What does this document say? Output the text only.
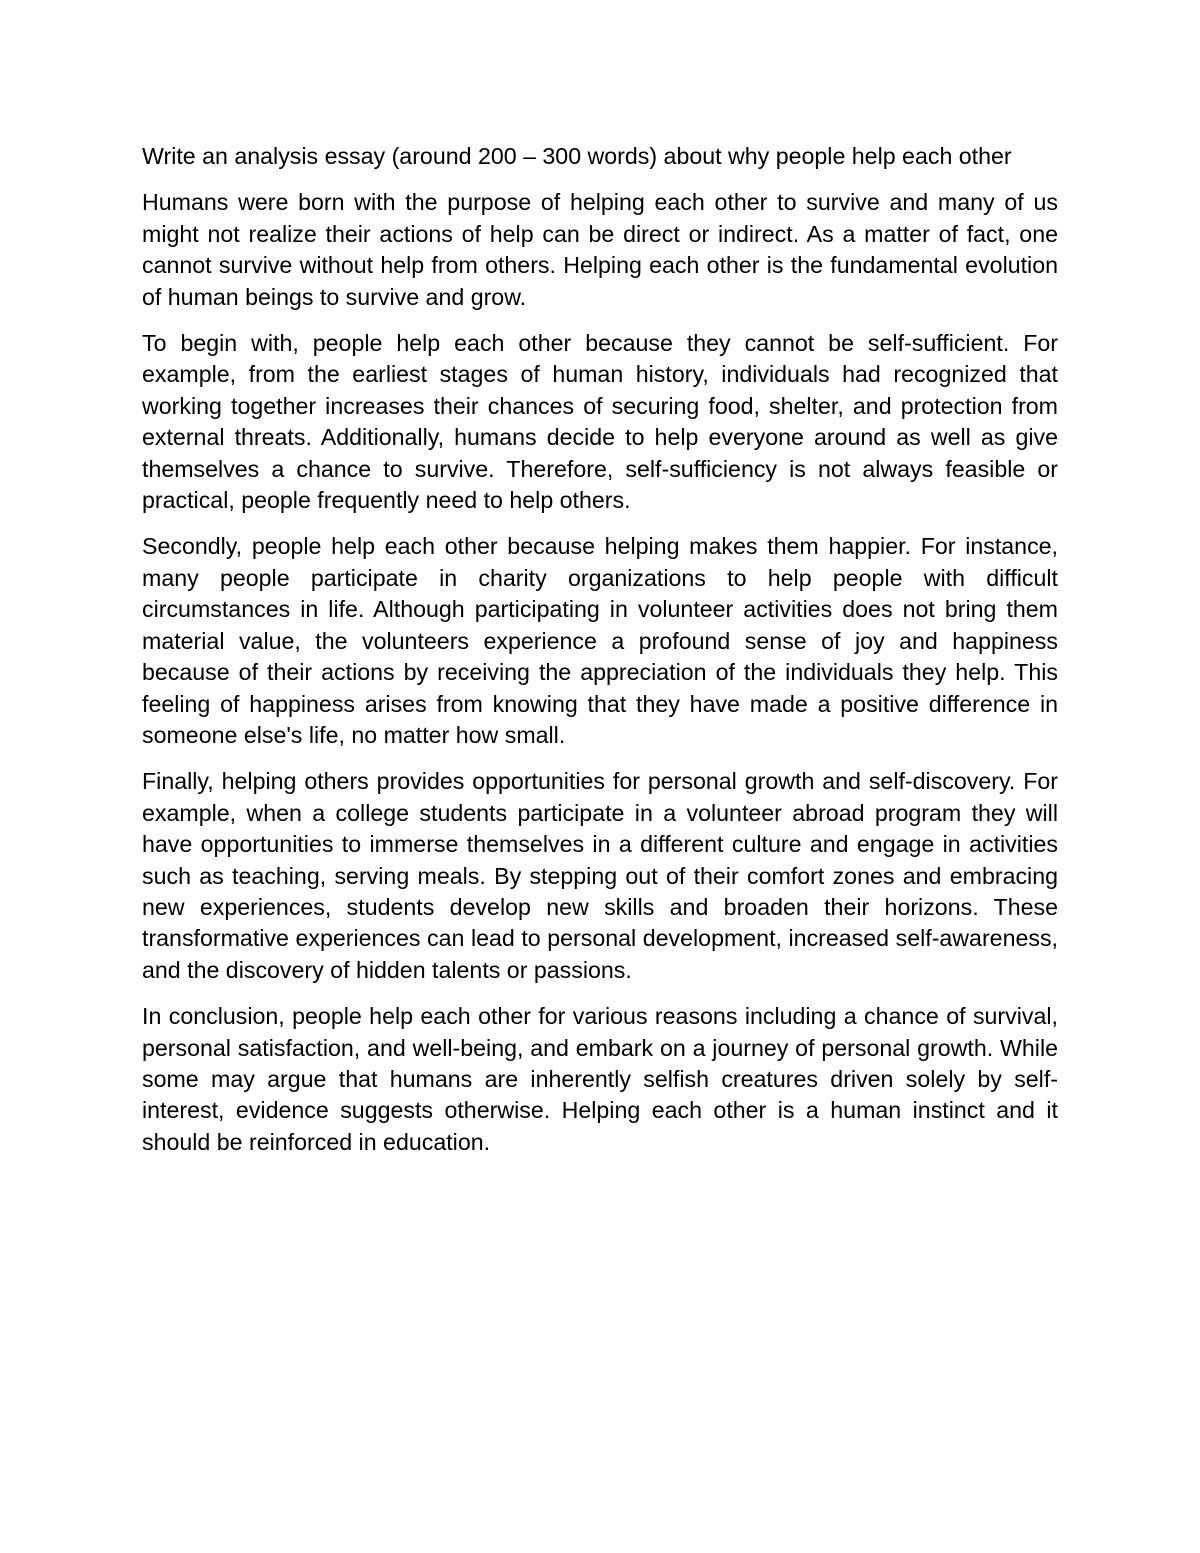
Write an analysis essay (around 200 – 300 words) about why people help each other

Humans were born with the purpose of helping each other to survive and many of us might not realize their actions of help can be direct or indirect. As a matter of fact, one cannot survive without help from others. Helping each other is the fundamental evolution of human beings to survive and grow.

To begin with, people help each other because they cannot be self-sufficient. For example, from the earliest stages of human history, individuals had recognized that working together increases their chances of securing food, shelter, and protection from external threats. Additionally, humans decide to help everyone around as well as give themselves a chance to survive. Therefore, self-sufficiency is not always feasible or practical, people frequently need to help others.

Secondly, people help each other because helping makes them happier. For instance, many people participate in charity organizations to help people with difficult circumstances in life. Although participating in volunteer activities does not bring them material value, the volunteers experience a profound sense of joy and happiness because of their actions by receiving the appreciation of the individuals they help. This feeling of happiness arises from knowing that they have made a positive difference in someone else's life, no matter how small.

Finally, helping others provides opportunities for personal growth and self-discovery. For example, when a college students participate in a volunteer abroad program they will have opportunities to immerse themselves in a different culture and engage in activities such as teaching, serving meals. By stepping out of their comfort zones and embracing new experiences, students develop new skills and broaden their horizons. These transformative experiences can lead to personal development, increased self-awareness, and the discovery of hidden talents or passions.

In conclusion, people help each other for various reasons including a chance of survival, personal satisfaction, and well-being, and embark on a journey of personal growth. While some may argue that humans are inherently selfish creatures driven solely by self-interest, evidence suggests otherwise. Helping each other is a human instinct and it should be reinforced in education.
